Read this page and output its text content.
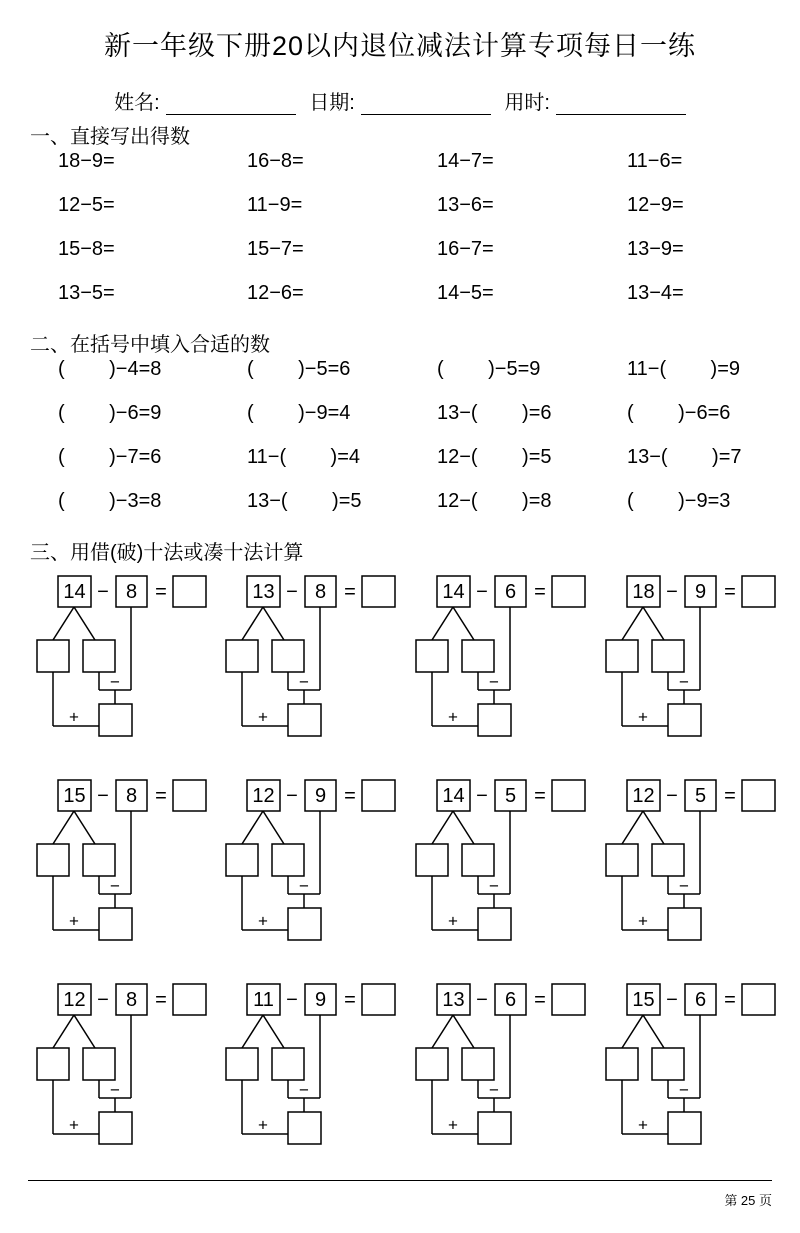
新一年级下册20以内退位减法计算专项每日一练
姓名:	日期:	用时:
一、直接写出得数
18−9=	16−8=	14−7=	11−6=
12−5=	11−9=	13−6=	12−9=
15−8=	15−7=	16−7=	13−9=
13−5=	12−6=	14−5=	13−4=
二、在括号中填入合适的数
(        )−4=8	(        )−5=6	(        )−5=9	11−(        )=9
(        )−6=9	(        )−9=4	13−(        )=6	(        )−6=6
(        )−7=6	11−(        )=4	12−(        )=5	13−(        )=7
(        )−3=8	13−(        )=5	12−(        )=8	(        )−9=3
三、用借(破)十法或凑十法计算
14 − 8 =
−
+
13 − 8 =
−
+
14 − 6 =
−
+
18 − 9 =
−
+
15 − 8 =
−
+
12 − 9 =
−
+
14 − 5 =
−
+
12 − 5 =
−
+
12 − 8 =
−
+
11 − 9 =
−
+
13 − 6 =
−
+
15 − 6 =
−
+
第 25 页
